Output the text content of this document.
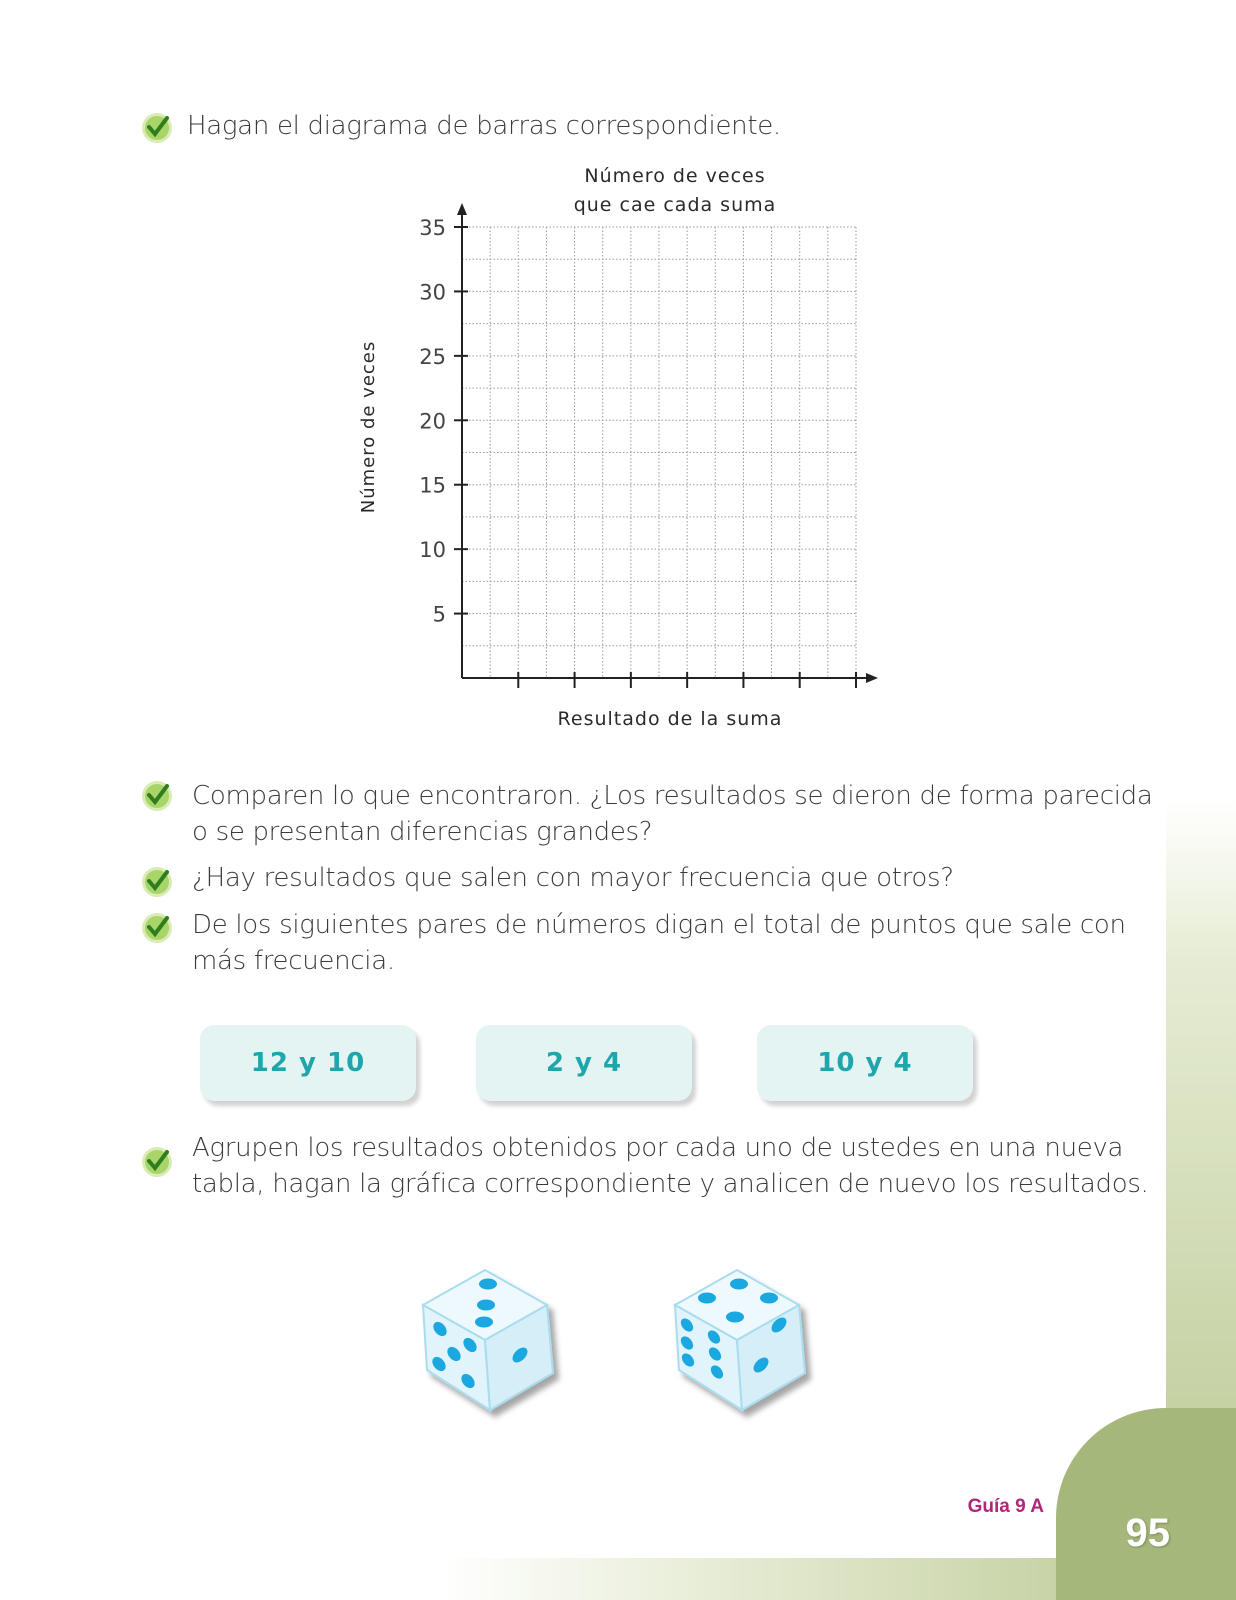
95
Guía 9 A
Hagan el diagrama de barras correspondiente.
Número de veces
que cae cada suma
Número de veces
5
10
15
20
25
30
35
Resultado de la suma
Comparen lo que encontraron. ¿Los resultados se dieron de forma parecida
o se presentan diferencias grandes?
¿Hay resultados que salen con mayor frecuencia que otros?
De los siguientes pares de números digan el total de puntos que sale con
más frecuencia.
12 y 10	2 y 4	10 y 4
Agrupen los resultados obtenidos por cada uno de ustedes en una nueva
tabla, hagan la gráfica correspondiente y analicen de nuevo los resultados.
